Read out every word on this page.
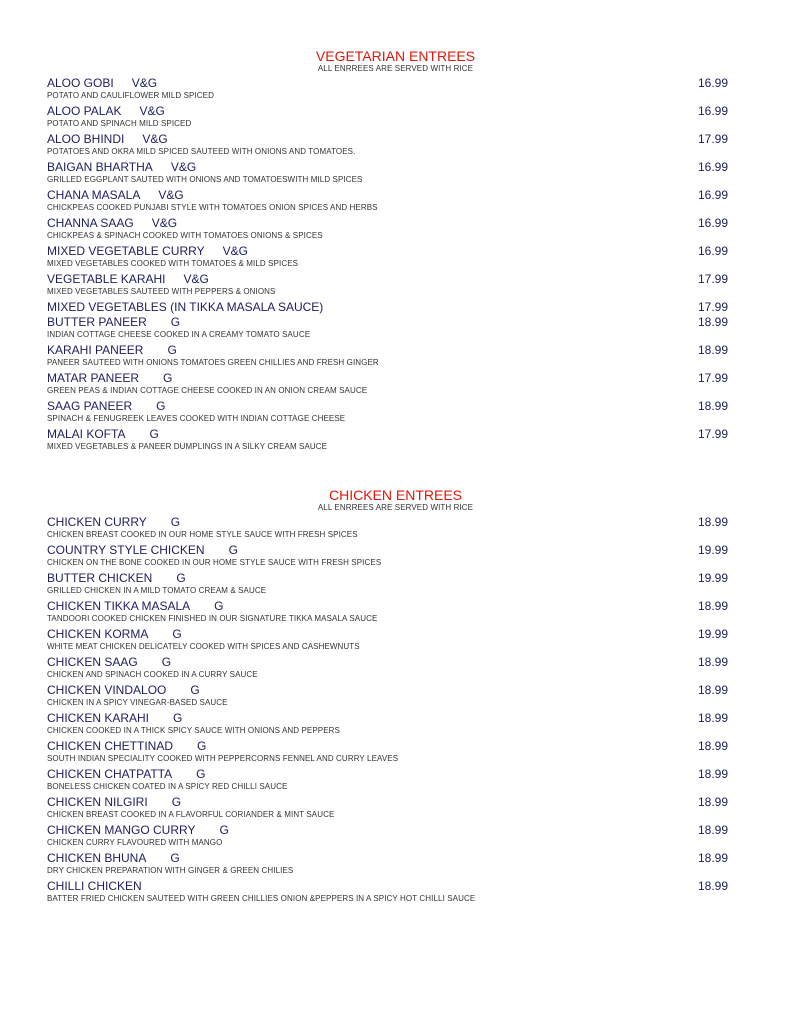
VEGETARIAN ENTREES
ALL ENRREES ARE SERVED WITH RICE
ALOO GOBI V&G	16.99
POTATO AND CAULIFLOWER MILD SPICED
ALOO PALAK V&G	16.99
POTATO AND SPINACH MILD SPICED
ALOO BHINDI V&G	17.99
POTATOES AND OKRA MILD SPICED SAUTEED WITH ONIONS AND TOMATOES.
BAIGAN BHARTHA V&G	16.99
GRILLED EGGPLANT SAUTED WITH ONIONS AND TOMATOESWITH MILD SPICES
CHANA MASALA V&G	16.99
CHICKPEAS COOKED PUNJABI STYLE WITH TOMATOES ONION SPICES AND HERBS
CHANNA SAAG V&G	16.99
CHICKPEAS & SPINACH COOKED WITH TOMATOES ONIONS & SPICES
MIXED VEGETABLE CURRY V&G	16.99
MIXED VEGETABLES COOKED WITH TOMATOES & MILD SPICES
VEGETABLE KARAHI V&G	17.99
MIXED VEGETABLES SAUTEED WITH PEPPERS & ONIONS
MIXED VEGETABLES (IN TIKKA MASALA SAUCE)	17.99
BUTTER PANEER G	18.99
INDIAN COTTAGE CHEESE COOKED IN A CREAMY TOMATO SAUCE
KARAHI PANEER G	18.99
PANEER SAUTEED WITH ONIONS TOMATOES GREEN CHILLIES AND FRESH GINGER
MATAR PANEER G	17.99
GREEN PEAS & INDIAN COTTAGE CHEESE COOKED IN AN ONION CREAM SAUCE
SAAG PANEER G	18.99
SPINACH & FENUGREEK LEAVES COOKED WITH INDIAN COTTAGE CHEESE
MALAI KOFTA G	17.99
MIXED VEGETABLES & PANEER DUMPLINGS IN A SILKY CREAM SAUCE
CHICKEN ENTREES
ALL ENRREES ARE SERVED WITH RICE
CHICKEN CURRY G	18.99
CHICKEN BREAST COOKED IN OUR HOME STYLE SAUCE WITH FRESH SPICES
COUNTRY STYLE CHICKEN G	19.99
CHICKEN ON THE BONE COOKED IN OUR HOME STYLE SAUCE WITH FRESH SPICES
BUTTER CHICKEN G	19.99
GRILLED CHICKEN IN A MILD TOMATO CREAM & SAUCE
CHICKEN TIKKA MASALA G	18.99
TANDOORI COOKED CHICKEN FINISHED IN OUR SIGNATURE TIKKA MASALA SAUCE
CHICKEN KORMA G	19.99
WHITE MEAT CHICKEN DELICATELY COOKED WITH SPICES AND CASHEWNUTS
CHICKEN SAAG G	18.99
CHICKEN AND SPINACH COOKED IN A CURRY SAUCE
CHICKEN VINDALOO G	18.99
CHICKEN IN A SPICY VINEGAR-BASED SAUCE
CHICKEN KARAHI G	18.99
CHICKEN COOKED IN A THICK SPICY SAUCE WITH ONIONS AND PEPPERS
CHICKEN CHETTINAD G	18.99
SOUTH INDIAN SPECIALITY COOKED WITH PEPPERCORNS FENNEL AND CURRY LEAVES
CHICKEN CHATPATTA G	18.99
BONELESS CHICKEN COATED IN A SPICY RED CHILLI SAUCE
CHICKEN NILGIRI G	18.99
CHICKEN BREAST COOKED IN A FLAVORFUL CORIANDER & MINT SAUCE
CHICKEN MANGO CURRY G	18.99
CHICKEN CURRY FLAVOURED WITH MANGO
CHICKEN BHUNA G	18.99
DRY CHICKEN PREPARATION WITH GINGER & GREEN CHILIES
CHILLI CHICKEN	18.99
BATTER FRIED CHICKEN SAUTEED WITH GREEN CHILLIES ONION &PEPPERS IN A SPICY HOT CHILLI SAUCE
